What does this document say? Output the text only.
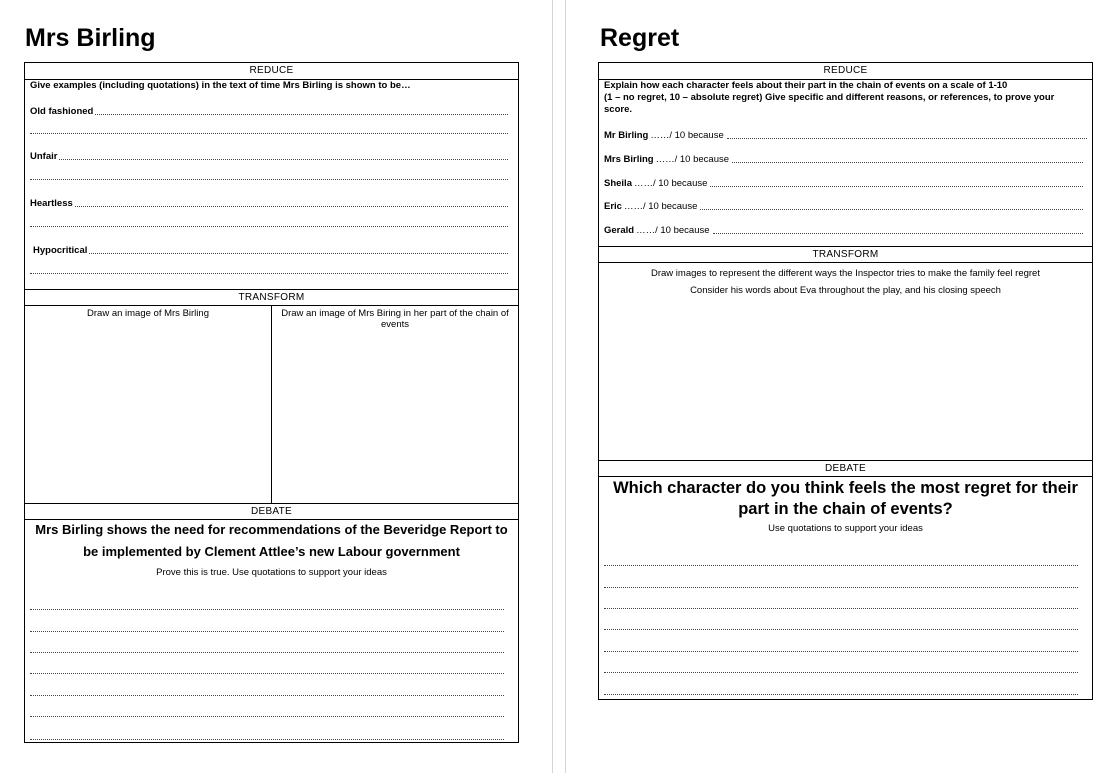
Mrs Birling
REDUCE
Give examples (including quotations) in the text of time Mrs Birling is shown to be…
Old fashioned
Unfair
Heartless
Hypocritical
TRANSFORM
Draw an image of Mrs Birling	Draw an image of Mrs Biring in her part of the chain of events
DEBATE
Mrs Birling shows the need for recommendations of the Beveridge Report to be implemented by Clement Attlee’s new Labour government
Prove this is true. Use quotations to support your ideas
Regret
REDUCE
Explain how each character feels about their part in the chain of events on a scale of 1-10
(1 – no regret, 10 – absolute regret) Give specific and different reasons, or references, to prove your score.
Mr Birling ……/ 10 because
Mrs Birling ……/ 10 because
Sheila ……/ 10 because
Eric ……/ 10 because
Gerald ……/ 10 because
TRANSFORM
Draw images to represent the different ways the Inspector tries to make the family feel regret
Consider his words about Eva throughout the play, and his closing speech
DEBATE
Which character do you think feels the most regret for their part in the chain of events?
Use quotations to support your ideas
